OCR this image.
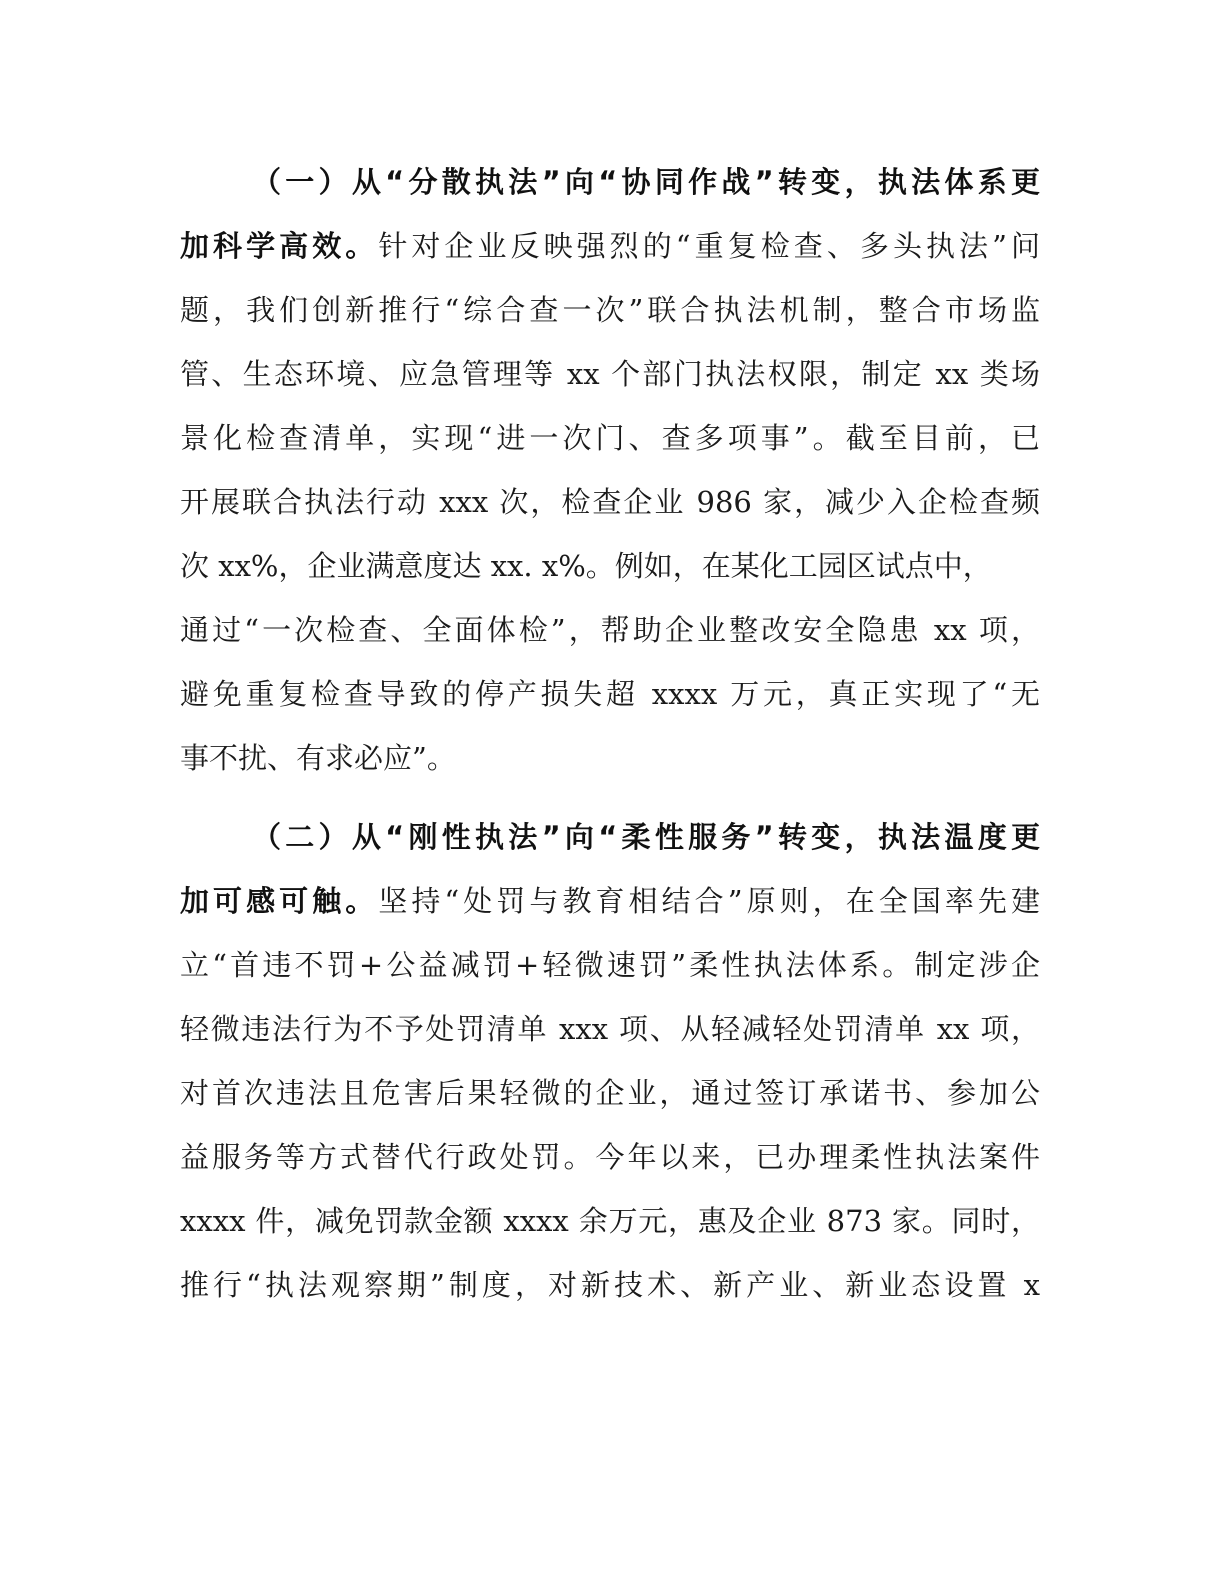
（一）从“分散执法”向“协同作战”转变，执法体系更
加科学高效。针对企业反映强烈的“重复检查、多头执法”问
题，我们创新推行“综合查一次”联合执法机制，整合市场监
管、生态环境、应急管理等 xx 个部门执法权限，制定 xx 类场
景化检查清单，实现“进一次门、查多项事”。截至目前，已
开展联合执法行动 xxx 次，检查企业 986 家，减少入企检查频
次 xx%，企业满意度达 xx. x%。例如，在某化工园区试点中，
通过“一次检查、全面体检”，帮助企业整改安全隐患 xx 项，
避免重复检查导致的停产损失超 xxxx 万元，真正实现了“无
事不扰、有求必应”。
（二）从“刚性执法”向“柔性服务”转变，执法温度更
加可感可触。坚持“处罚与教育相结合”原则，在全国率先建
立“首违不罚+公益减罚+轻微速罚”柔性执法体系。制定涉企
轻微违法行为不予处罚清单 xxx 项、从轻减轻处罚清单 xx 项，
对首次违法且危害后果轻微的企业，通过签订承诺书、参加公
益服务等方式替代行政处罚。今年以来，已办理柔性执法案件
xxxx 件，减免罚款金额 xxxx 余万元，惠及企业 873 家。同时，
推行“执法观察期”制度，对新技术、新产业、新业态设置 x
